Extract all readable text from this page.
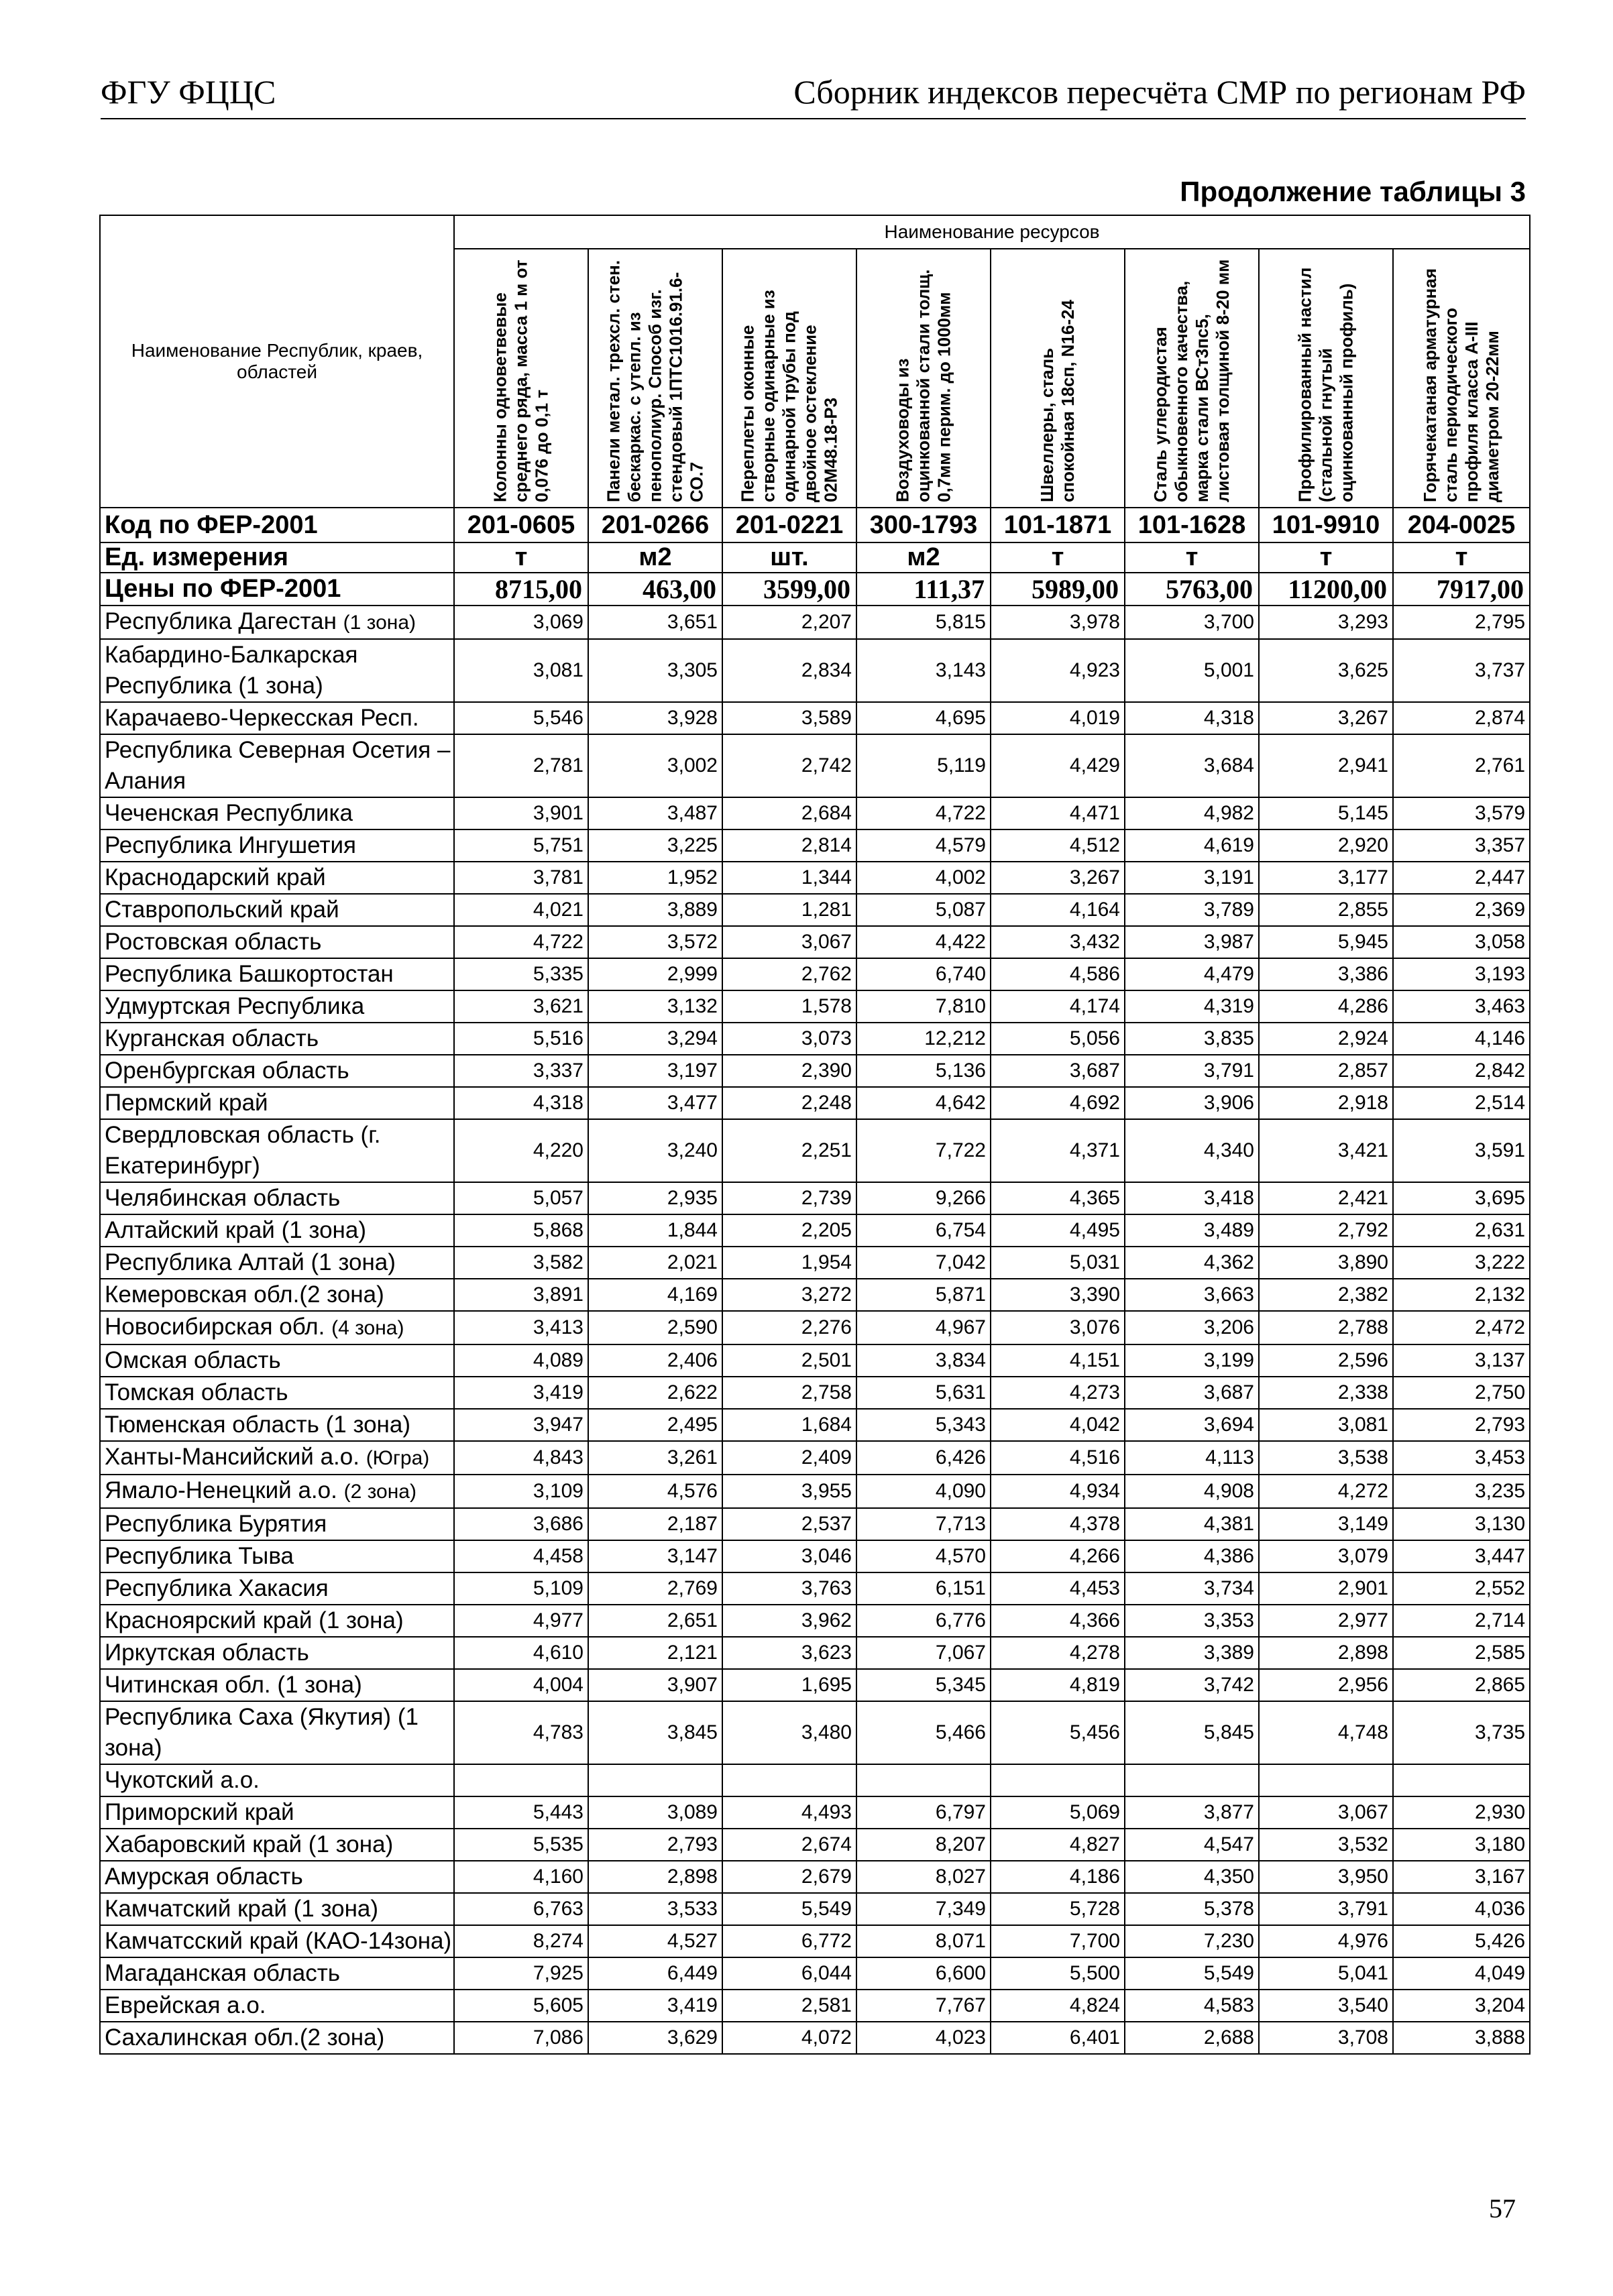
ФГУ ФЦЦС	Сборник индексов пересчёта СМР по регионам РФ
Продолжение таблицы 3
Наименование Республик, краев, областей	Наименование ресурсов							

	Колонны одноветвевые среднего ряда, масса 1 м от 0,076 до 0,1 т	Панели метал. трехсл. стен. бескаркас. с утепл. из пенополиур. Способ изг. стендовый 1ПТС1016.91.6-СО.7	Переплеты оконные створные одинарные из одинарной трубы под двойное остекление 02М48.18-Р3	Воздуховоды из оцинкованной стали толщ. 0,7мм перим. до 1000мм	Швеллеры, сталь спокойная 18сп, N16-24	Сталь углеродистая обыкновенного качества, марка стали ВСт3пс5, листовая толщиной 8-20 мм	Профилированный настил (стальной гнутый оцинкованный профиль)	Горячекатаная арматурная сталь периодического профиля класса А-III диаметром 20-22мм

Код по ФЕР-2001	201-0605	201-0266	201-0221	300-1793	101-1871	101-1628	101-9910	204-0025
Ед. измерения	т	м2	шт.	м2	т	т	т	т
Цены по ФЕР-2001	8715,00	463,00	3599,00	111,37	5989,00	5763,00	11200,00	7917,00
Республика Дагестан (1 зона)	3,069	3,651	2,207	5,815	3,978	3,700	3,293	2,795
Кабардино-Балкарская Республика (1 зона)	3,081	3,305	2,834	3,143	4,923	5,001	3,625	3,737
Карачаево-Черкесская Респ.	5,546	3,928	3,589	4,695	4,019	4,318	3,267	2,874
Республика Северная Осетия – Алания	2,781	3,002	2,742	5,119	4,429	3,684	2,941	2,761
Чеченская Республика	3,901	3,487	2,684	4,722	4,471	4,982	5,145	3,579
Республика Ингушетия	5,751	3,225	2,814	4,579	4,512	4,619	2,920	3,357
Краснодарский край	3,781	1,952	1,344	4,002	3,267	3,191	3,177	2,447
Ставропольский край	4,021	3,889	1,281	5,087	4,164	3,789	2,855	2,369
Ростовская область	4,722	3,572	3,067	4,422	3,432	3,987	5,945	3,058
Республика Башкортостан	5,335	2,999	2,762	6,740	4,586	4,479	3,386	3,193
Удмуртская Республика	3,621	3,132	1,578	7,810	4,174	4,319	4,286	3,463
Курганская область	5,516	3,294	3,073	12,212	5,056	3,835	2,924	4,146
Оренбургская область	3,337	3,197	2,390	5,136	3,687	3,791	2,857	2,842
Пермский край	4,318	3,477	2,248	4,642	4,692	3,906	2,918	2,514
Свердловская область (г. Екатеринбург)	4,220	3,240	2,251	7,722	4,371	4,340	3,421	3,591
Челябинская область	5,057	2,935	2,739	9,266	4,365	3,418	2,421	3,695
Алтайский край (1 зона)	5,868	1,844	2,205	6,754	4,495	3,489	2,792	2,631
Республика Алтай (1 зона)	3,582	2,021	1,954	7,042	5,031	4,362	3,890	3,222
Кемеровская обл.(2 зона)	3,891	4,169	3,272	5,871	3,390	3,663	2,382	2,132
Новосибирская обл. (4 зона)	3,413	2,590	2,276	4,967	3,076	3,206	2,788	2,472
Омская область	4,089	2,406	2,501	3,834	4,151	3,199	2,596	3,137
Томская область	3,419	2,622	2,758	5,631	4,273	3,687	2,338	2,750
Тюменская область (1 зона)	3,947	2,495	1,684	5,343	4,042	3,694	3,081	2,793
Ханты-Мансийский а.о. (Югра)	4,843	3,261	2,409	6,426	4,516	4,113	3,538	3,453
Ямало-Ненецкий а.о. (2 зона)	3,109	4,576	3,955	4,090	4,934	4,908	4,272	3,235
Республика Бурятия	3,686	2,187	2,537	7,713	4,378	4,381	3,149	3,130
Республика Тыва	4,458	3,147	3,046	4,570	4,266	4,386	3,079	3,447
Республика Хакасия	5,109	2,769	3,763	6,151	4,453	3,734	2,901	2,552
Красноярский край (1 зона)	4,977	2,651	3,962	6,776	4,366	3,353	2,977	2,714
Иркутская область	4,610	2,121	3,623	7,067	4,278	3,389	2,898	2,585
Читинская обл. (1 зона)	4,004	3,907	1,695	5,345	4,819	3,742	2,956	2,865
Республика Саха (Якутия) (1 зона)	4,783	3,845	3,480	5,466	5,456	5,845	4,748	3,735
Чукотский а.о.								
Приморский край	5,443	3,089	4,493	6,797	5,069	3,877	3,067	2,930
Хабаровский край (1 зона)	5,535	2,793	2,674	8,207	4,827	4,547	3,532	3,180
Амурская область	4,160	2,898	2,679	8,027	4,186	4,350	3,950	3,167
Камчатский край (1 зона)	6,763	3,533	5,549	7,349	5,728	5,378	3,791	4,036
Камчатсский край (КАО-14зона)	8,274	4,527	6,772	8,071	7,700	7,230	4,976	5,426
Магаданская область	7,925	6,449	6,044	6,600	5,500	5,549	5,041	4,049
Еврейская а.о.	5,605	3,419	2,581	7,767	4,824	4,583	3,540	3,204
Сахалинская обл.(2 зона)	7,086	3,629	4,072	4,023	6,401	2,688	3,708	3,888
57
